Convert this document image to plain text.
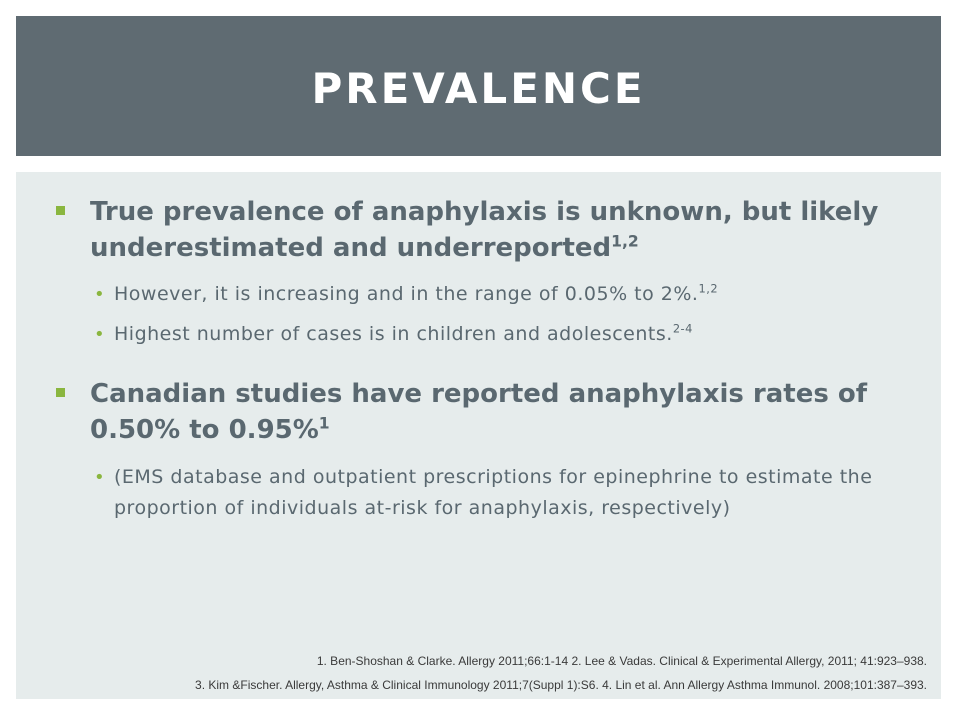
PREVALENCE
True prevalence of anaphylaxis is unknown, but likely underestimated and underreported$^{1,2}$
• However, it is increasing and in the range of 0.05% to 2%.$^{1,2}$
• Highest number of cases is in children and adolescents.$^{2-4}$
Canadian studies have reported anaphylaxis rates of 0.50% to 0.95%$^1$
• (EMS database and outpatient prescriptions for epinephrine to estimate the proportion of individuals at-risk for anaphylaxis, respectively)
1. Ben-Shoshan & Clarke. Allergy 2011;66:1-14 2. Lee & Vadas. Clinical & Experimental Allergy, 2011; 41:923–938.
3. Kim &Fischer. Allergy, Asthma & Clinical Immunology 2011;7(Suppl 1):S6. 4. Lin et al. Ann Allergy Asthma Immunol. 2008;101:387–393.
